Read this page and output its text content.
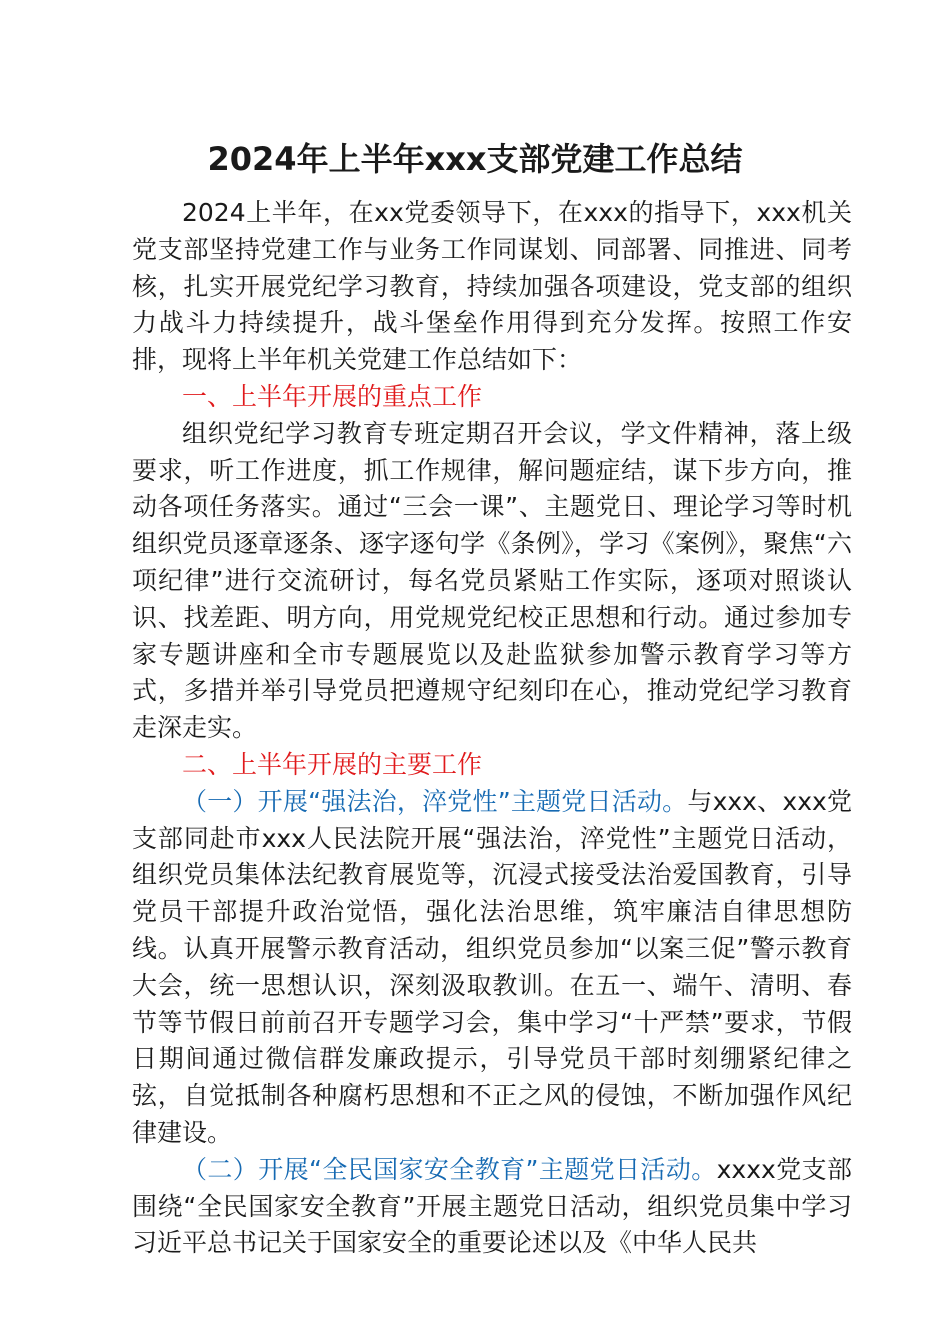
2024年上半年xxx支部党建工作总结

2024上半年，在xx党委领导下，在xxx的指导下，xxx机关党支部坚持党建工作与业务工作同谋划、同部署、同推进、同考核，扎实开展党纪学习教育，持续加强各项建设，党支部的组织力战斗力持续提升，战斗堡垒作用得到充分发挥。按照工作安排，现将上半年机关党建工作总结如下：

一、上半年开展的重点工作

组织党纪学习教育专班定期召开会议，学文件精神，落上级要求，听工作进度，抓工作规律，解问题症结，谋下步方向，推动各项任务落实。通过“三会一课”、主题党日、理论学习等时机组织党员逐章逐条、逐字逐句学《条例》，学习《案例》，聚焦“六项纪律”进行交流研讨，每名党员紧贴工作实际，逐项对照谈认识、找差距、明方向，用党规党纪校正思想和行动。通过参加专家专题讲座和全市专题展览以及赴监狱参加警示教育学习等方式，多措并举引导党员把遵规守纪刻印在心，推动党纪学习教育走深走实。

二、上半年开展的主要工作

（一）开展“强法治，淬党性”主题党日活动。与xxx、xxx党支部同赴市xxx人民法院开展“强法治，淬党性”主题党日活动，组织党员集体法纪教育展览等，沉浸式接受法治爱国教育，引导党员干部提升政治觉悟，强化法治思维，筑牢廉洁自律思想防线。认真开展警示教育活动，组织党员参加“以案三促”警示教育大会，统一思想认识，深刻汲取教训。在五一、端午、清明、春节等节假日前前召开专题学习会，集中学习“十严禁”要求，节假日期间通过微信群发廉政提示，引导党员干部时刻绷紧纪律之弦，自觉抵制各种腐朽思想和不正之风的侵蚀，不断加强作风纪律建设。

（二）开展“全民国家安全教育”主题党日活动。xxxx党支部围绕“全民国家安全教育”开展主题党日活动，组织党员集中学习习近平总书记关于国家安全的重要论述以及《中华人民共
